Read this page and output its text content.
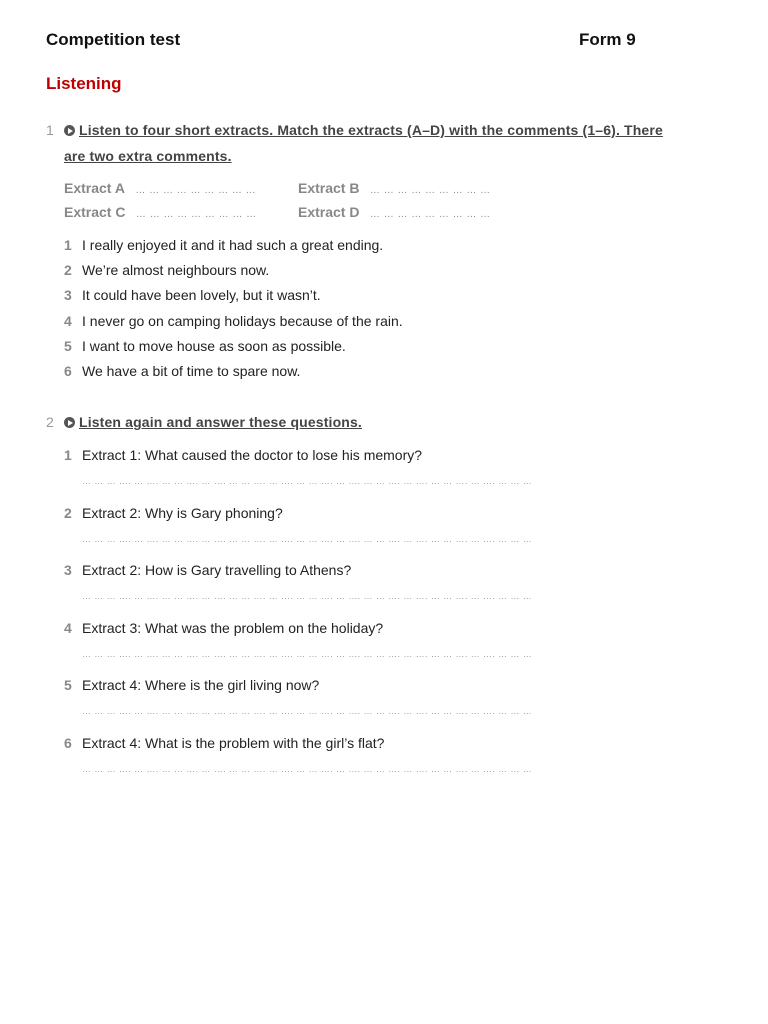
Competition test	Form 9
Listening
1	Listen to four short extracts. Match the extracts (A–D) with the comments (1–6). There
are two extra comments.
Extract A … … … … … … … … …	Extract B … … … … … … … … …
Extract C … … … … … … … … …	Extract D … … … … … … … … …
1 I really enjoyed it and it had such a great ending.
2 We’re almost neighbours now.
3 It could have been lovely, but it wasn’t.
4 I never go on camping holidays because of the rain.
5 I want to move house as soon as possible.
6 We have a bit of time to spare now.
2	Listen again and answer these questions.
1 Extract 1: What caused the doctor to lose his memory?
… … … …. … …. … … …. … …. … … …. … …. … … …. … …. … … …. … …. … … …. … …. … … …
2 Extract 2: Why is Gary phoning?
… … … …. … …. … … …. … …. … … …. … …. … … …. … …. … … …. … …. … … …. … …. … … …
3 Extract 2: How is Gary travelling to Athens?
… … … …. … …. … … …. … …. … … …. … …. … … …. … …. … … …. … …. … … …. … …. … … …
4 Extract 3: What was the problem on the holiday?
… … … …. … …. … … …. … …. … … …. … …. … … …. … …. … … …. … …. … … …. … …. … … …
5 Extract 4: Where is the girl living now?
… … … …. … …. … … …. … …. … … …. … …. … … …. … …. … … …. … …. … … …. … …. … … …
6 Extract 4: What is the problem with the girl’s flat?
… … … …. … …. … … …. … …. … … …. … …. … … …. … …. … … …. … …. … … …. … …. … … …
